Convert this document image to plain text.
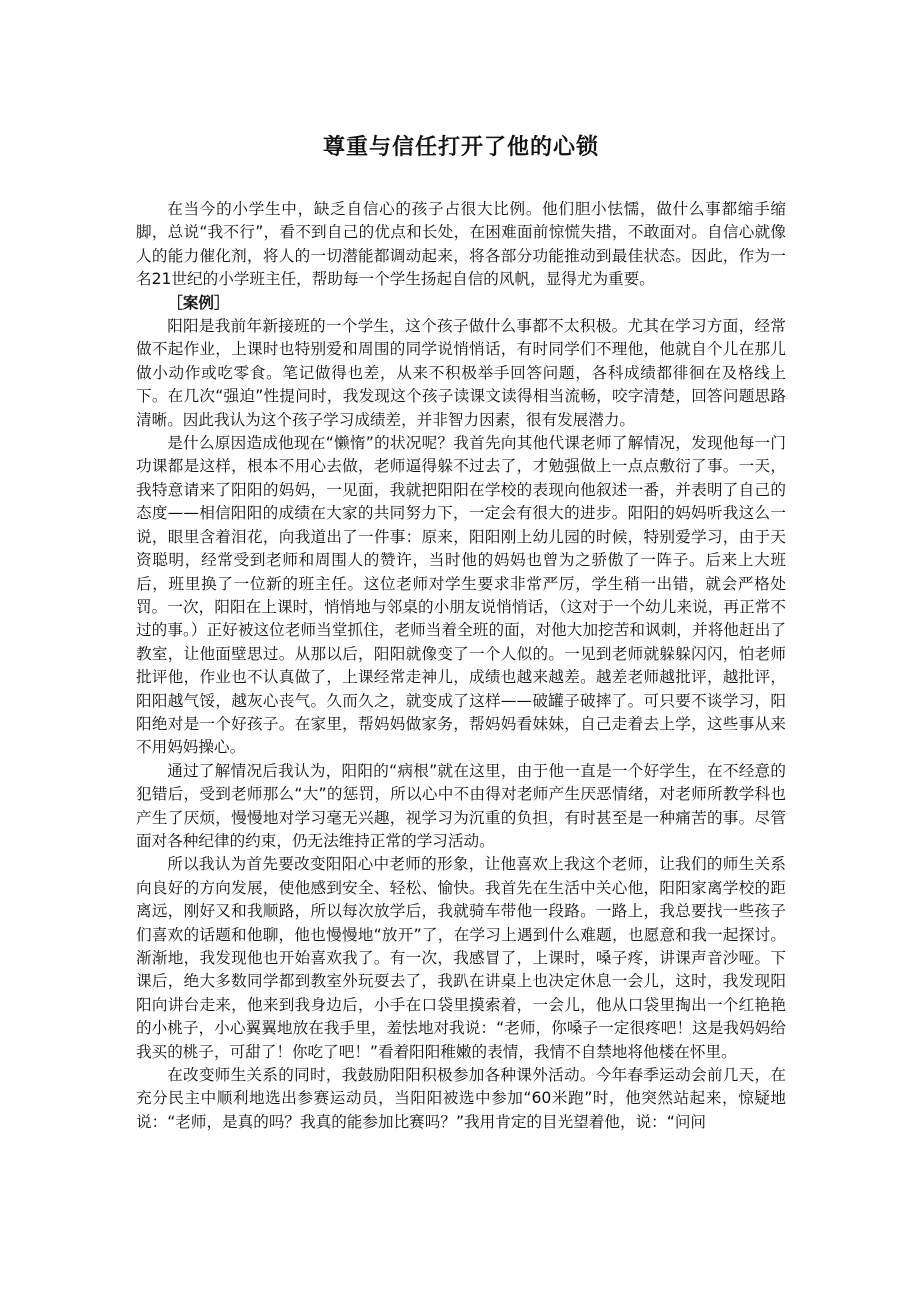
尊重与信任打开了他的心锁

在当今的小学生中，缺乏自信心的孩子占很大比例。他们胆小怯懦，做什么事都缩手缩脚，总说“我不行”，看不到自己的优点和长处，在困难面前惊慌失措，不敢面对。自信心就像人的能力催化剂，将人的一切潜能都调动起来，将各部分功能推动到最佳状态。因此，作为一名21世纪的小学班主任，帮助每一个学生扬起自信的风帆，显得尤为重要。

［案例］

阳阳是我前年新接班的一个学生，这个孩子做什么事都不太积极。尤其在学习方面，经常做不起作业，上课时也特别爱和周围的同学说悄悄话，有时同学们不理他，他就自个儿在那儿做小动作或吃零食。笔记做得也差，从来不积极举手回答问题，各科成绩都徘徊在及格线上下。在几次“强迫”性提问时，我发现这个孩子读课文读得相当流畅，咬字清楚，回答问题思路清晰。因此我认为这个孩子学习成绩差，并非智力因素，很有发展潜力。

是什么原因造成他现在“懒惰”的状况呢？我首先向其他代课老师了解情况，发现他每一门功课都是这样，根本不用心去做，老师逼得躲不过去了，才勉强做上一点点敷衍了事。一天，我特意请来了阳阳的妈妈，一见面，我就把阳阳在学校的表现向他叙述一番，并表明了自己的态度——相信阳阳的成绩在大家的共同努力下，一定会有很大的进步。阳阳的妈妈听我这么一说，眼里含着泪花，向我道出了一件事：原来，阳阳刚上幼儿园的时候，特别爱学习，由于天资聪明，经常受到老师和周围人的赞许，当时他的妈妈也曾为之骄傲了一阵子。后来上大班后，班里换了一位新的班主任。这位老师对学生要求非常严厉，学生稍一出错，就会严格处罚。一次，阳阳在上课时，悄悄地与邻桌的小朋友说悄悄话，（这对于一个幼儿来说，再正常不过的事。）正好被这位老师当堂抓住，老师当着全班的面，对他大加挖苦和讽刺，并将他赶出了教室，让他面壁思过。从那以后，阳阳就像变了一个人似的。一见到老师就躲躲闪闪，怕老师批评他，作业也不认真做了，上课经常走神儿，成绩也越来越差。越差老师越批评，越批评，阳阳越气馁，越灰心丧气。久而久之，就变成了这样——破罐子破摔了。可只要不谈学习，阳阳绝对是一个好孩子。在家里，帮妈妈做家务，帮妈妈看妹妹，自己走着去上学，这些事从来不用妈妈操心。

通过了解情况后我认为，阳阳的“病根”就在这里，由于他一直是一个好学生，在不经意的犯错后，受到老师那么“大”的惩罚，所以心中不由得对老师产生厌恶情绪，对老师所教学科也产生了厌烦，慢慢地对学习毫无兴趣，视学习为沉重的负担，有时甚至是一种痛苦的事。尽管面对各种纪律的约束，仍无法维持正常的学习活动。

所以我认为首先要改变阳阳心中老师的形象，让他喜欢上我这个老师，让我们的师生关系向良好的方向发展，使他感到安全、轻松、愉快。我首先在生活中关心他，阳阳家离学校的距离远，刚好又和我顺路，所以每次放学后，我就骑车带他一段路。一路上，我总要找一些孩子们喜欢的话题和他聊，他也慢慢地“放开”了，在学习上遇到什么难题，也愿意和我一起探讨。渐渐地，我发现他也开始喜欢我了。有一次，我感冒了，上课时，嗓子疼，讲课声音沙哑。下课后，绝大多数同学都到教室外玩耍去了，我趴在讲桌上也决定休息一会儿，这时，我发现阳阳向讲台走来，他来到我身边后，小手在口袋里摸索着，一会儿，他从口袋里掏出一个红艳艳的小桃子，小心翼翼地放在我手里，羞怯地对我说：“老师，你嗓子一定很疼吧！这是我妈妈给我买的桃子，可甜了！你吃了吧！”看着阳阳稚嫩的表情，我情不自禁地将他楼在怀里。

在改变师生关系的同时，我鼓励阳阳积极参加各种课外活动。今年春季运动会前几天，在充分民主中顺利地选出参赛运动员，当阳阳被选中参加“60米跑”时，他突然站起来，惊疑地说：“老师，是真的吗？我真的能参加比赛吗？”我用肯定的目光望着他，说：“问问
